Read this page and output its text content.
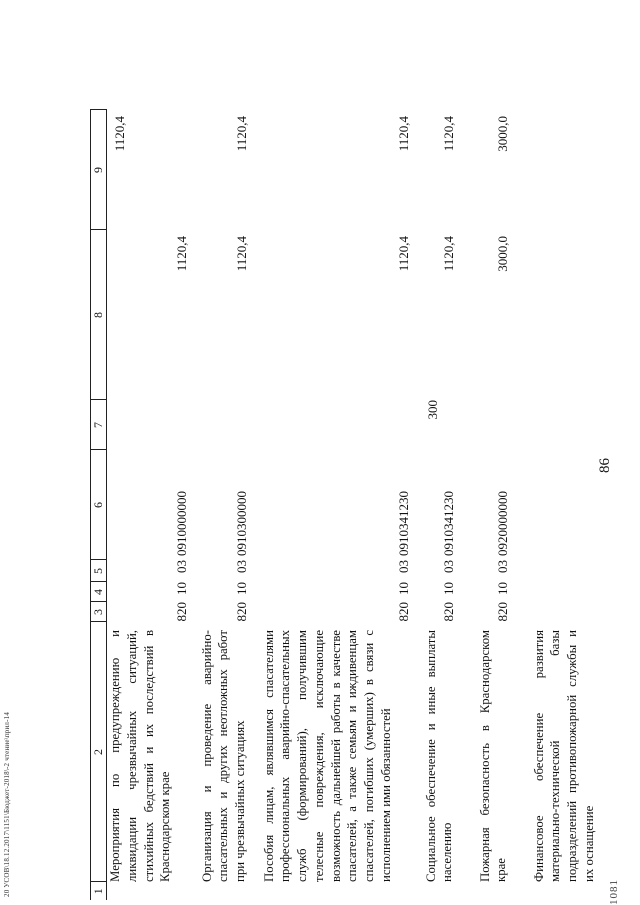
86
20 УСОВ\18.12.2017\1151\Бюджет-2018\-2 чтение\прил-14	1081
1	2	3	4	5	6	7	8	9
	Мероприятия по предупреждению и ликвидации чрезвычайных ситуаций, стихийных бедствий и их последствий в Краснодарском крае	820	10	03	0910000000		1120,4	1120,4
	Организация и проведение аварийно-спасательных и других неотложных работ при чрезвычайных ситуациях	820	10	03	0910300000		1120,4	1120,4
	Пособия лицам, являвшимся спасателями профессиональных аварийно-спасательных служб (формирований), получившим телесные повреждения, исключающие возможность дальнейшей работы в качестве спасателей, а также семьям и иждивенцам спасателей, погибших (умерших) в связи с исполнением ими обязанностей	820	10	03	0910341230		1120,4	1120,4
	Социальное обеспечение и иные выплаты населению	820	10	03	0910341230	300	1120,4	1120,4
	Пожарная безопасность в Краснодарском крае	820	10	03	0920000000		3000,0	3000,0
	Финансовое обеспечение развития материально-технической базы подразделений противопожарной службы и их оснащение							
